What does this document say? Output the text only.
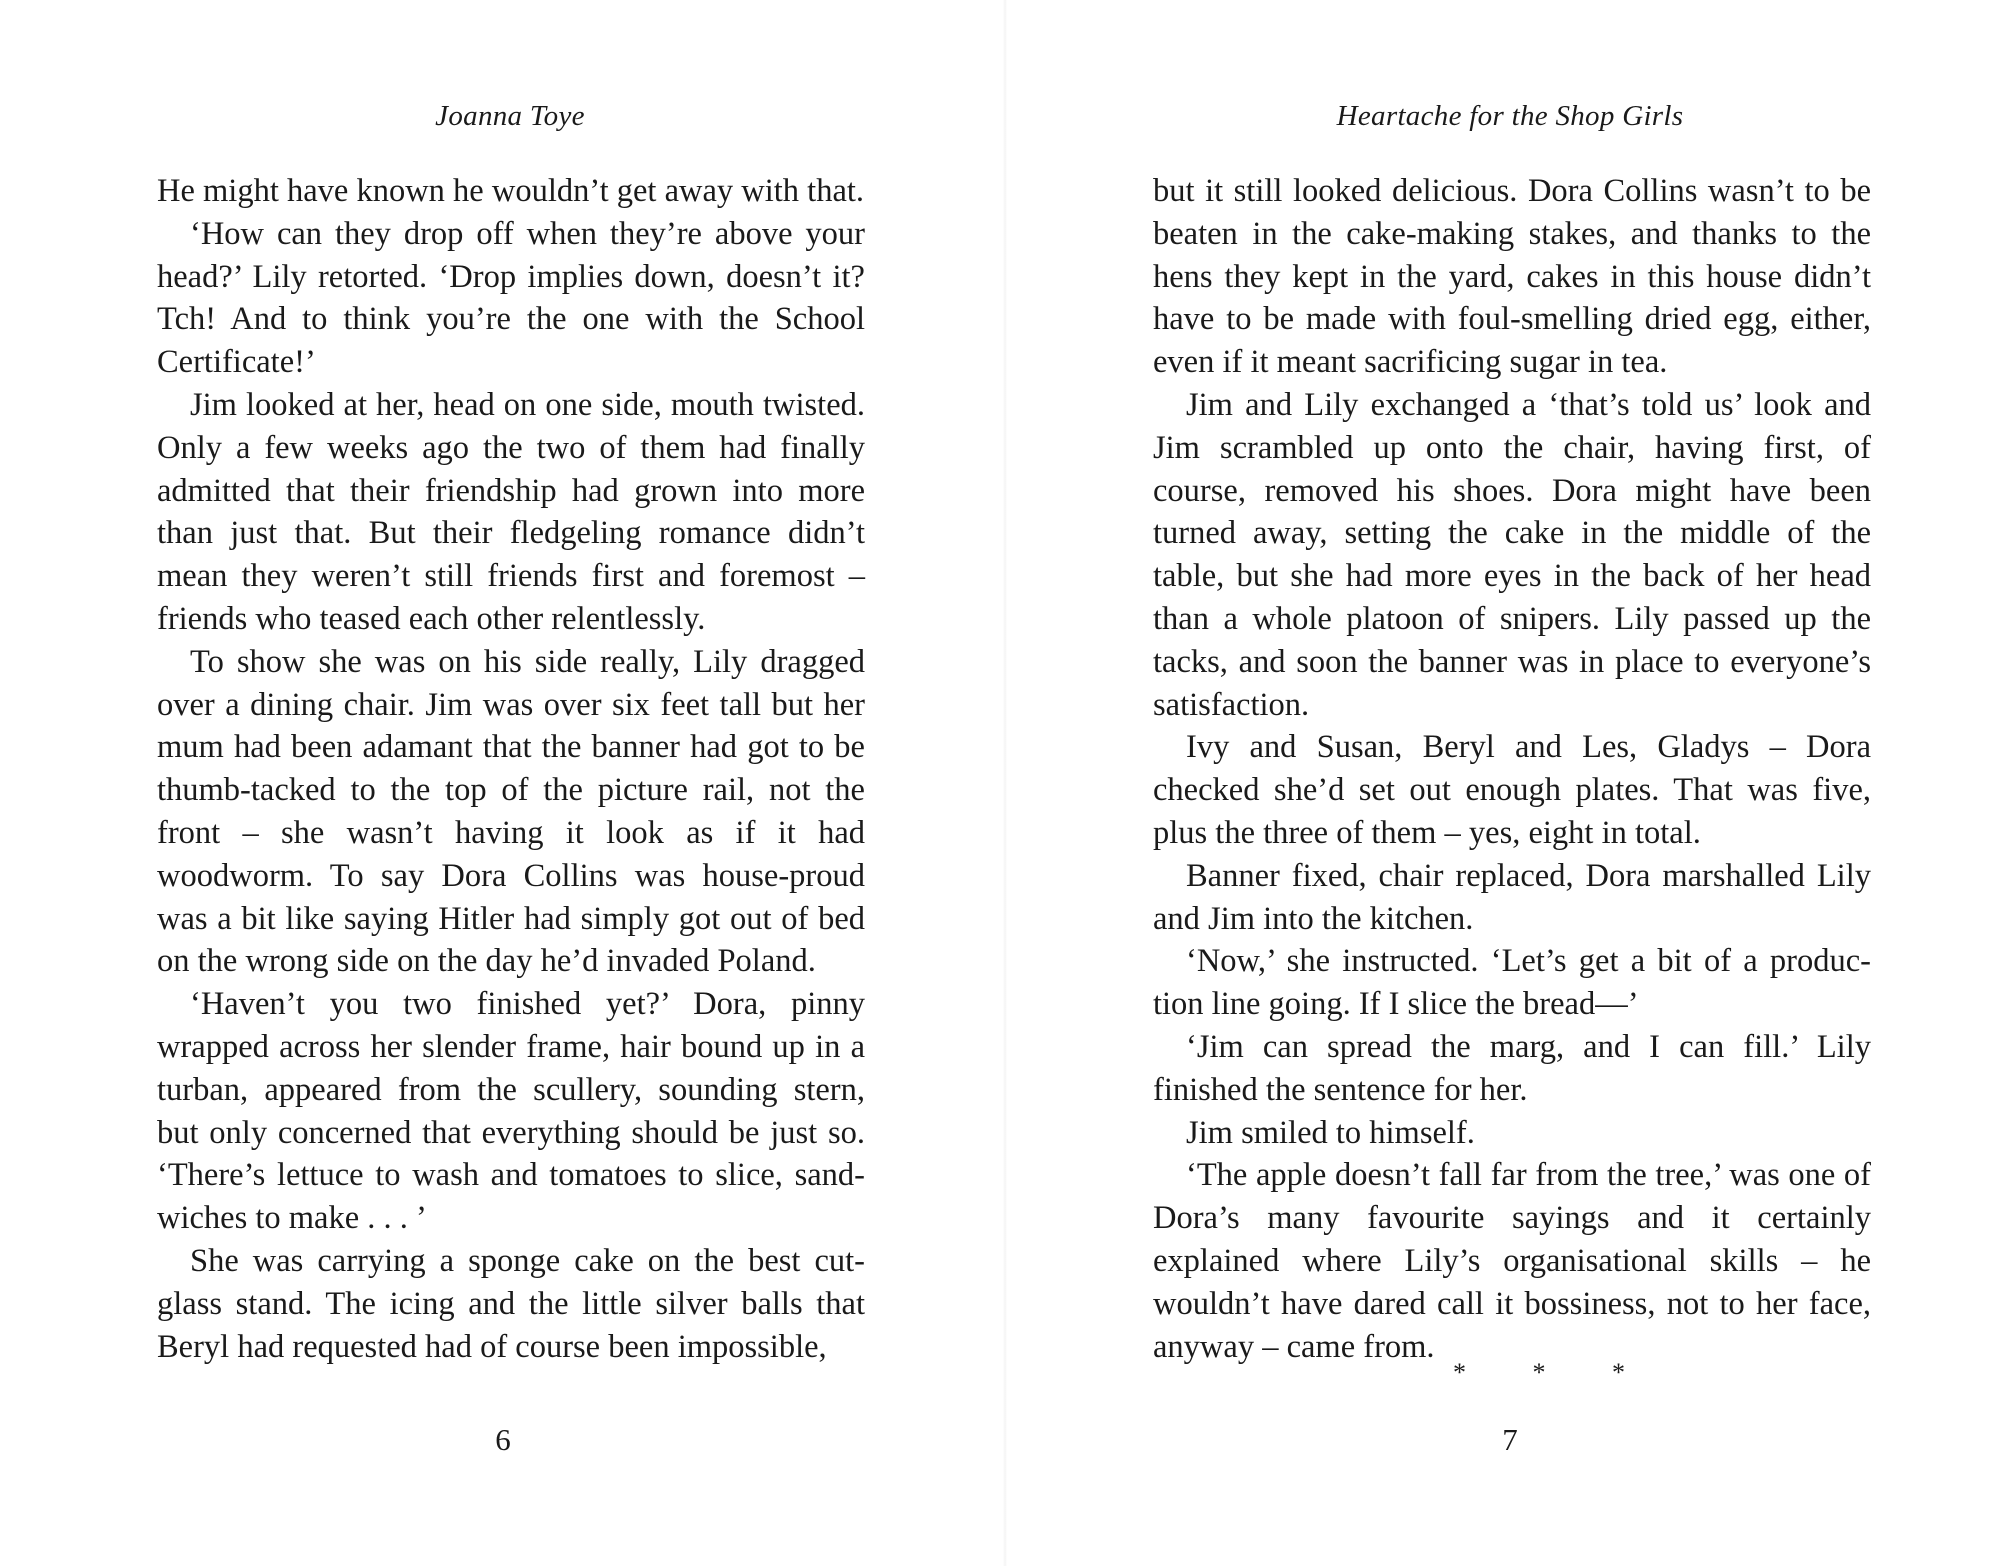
Joanna Toye

He might have known he wouldn’t get away with that.

‘How can they drop off when they’re above your head?’ Lily retorted. ‘Drop implies down, doesn’t it? Tch! And to think you’re the one with the School Certificate!’

Jim looked at her, head on one side, mouth twisted. Only a few weeks ago the two of them had finally admitted that their friendship had grown into more than just that. But their fledgeling romance didn’t mean they weren’t still friends first and foremost – friends who teased each other relentlessly.

To show she was on his side really, Lily dragged over a dining chair. Jim was over six feet tall but her mum had been adamant that the banner had got to be thumb-tacked to the top of the picture rail, not the front – she wasn’t having it look as if it had woodworm. To say Dora Collins was house-proud was a bit like saying Hitler had simply got out of bed on the wrong side on the day he’d invaded Poland.

‘Haven’t you two finished yet?’ Dora, pinny wrapped across her slender frame, hair bound up in a turban, appeared from the scullery, sounding stern, but only concerned that everything should be just so. ‘There’s lettuce to wash and tomatoes to slice, sand-wiches to make . . . ’

She was carrying a sponge cake on the best cut-glass stand. The icing and the little silver balls that Beryl had requested had of course been impossible,

6
Heartache for the Shop Girls

but it still looked delicious. Dora Collins wasn’t to be beaten in the cake-making stakes, and thanks to the hens they kept in the yard, cakes in this house didn’t have to be made with foul-smelling dried egg, either, even if it meant sacrificing sugar in tea.

Jim and Lily exchanged a ‘that’s told us’ look and Jim scrambled up onto the chair, having first, of course, removed his shoes. Dora might have been turned away, setting the cake in the middle of the table, but she had more eyes in the back of her head than a whole platoon of snipers. Lily passed up the tacks, and soon the banner was in place to everyone’s satisfaction.

Ivy and Susan, Beryl and Les, Gladys – Dora checked she’d set out enough plates. That was five, plus the three of them – yes, eight in total.

Banner fixed, chair replaced, Dora marshalled Lily and Jim into the kitchen.

‘Now,’ she instructed. ‘Let’s get a bit of a produc-tion line going. If I slice the bread—’

‘Jim can spread the marg, and I can fill.’ Lily finished the sentence for her.

Jim smiled to himself.

‘The apple doesn’t fall far from the tree,’ was one of Dora’s many favourite sayings and it certainly explained where Lily’s organisational skills – he wouldn’t have dared call it bossiness, not to her face, anyway – came from.

* * *
7
